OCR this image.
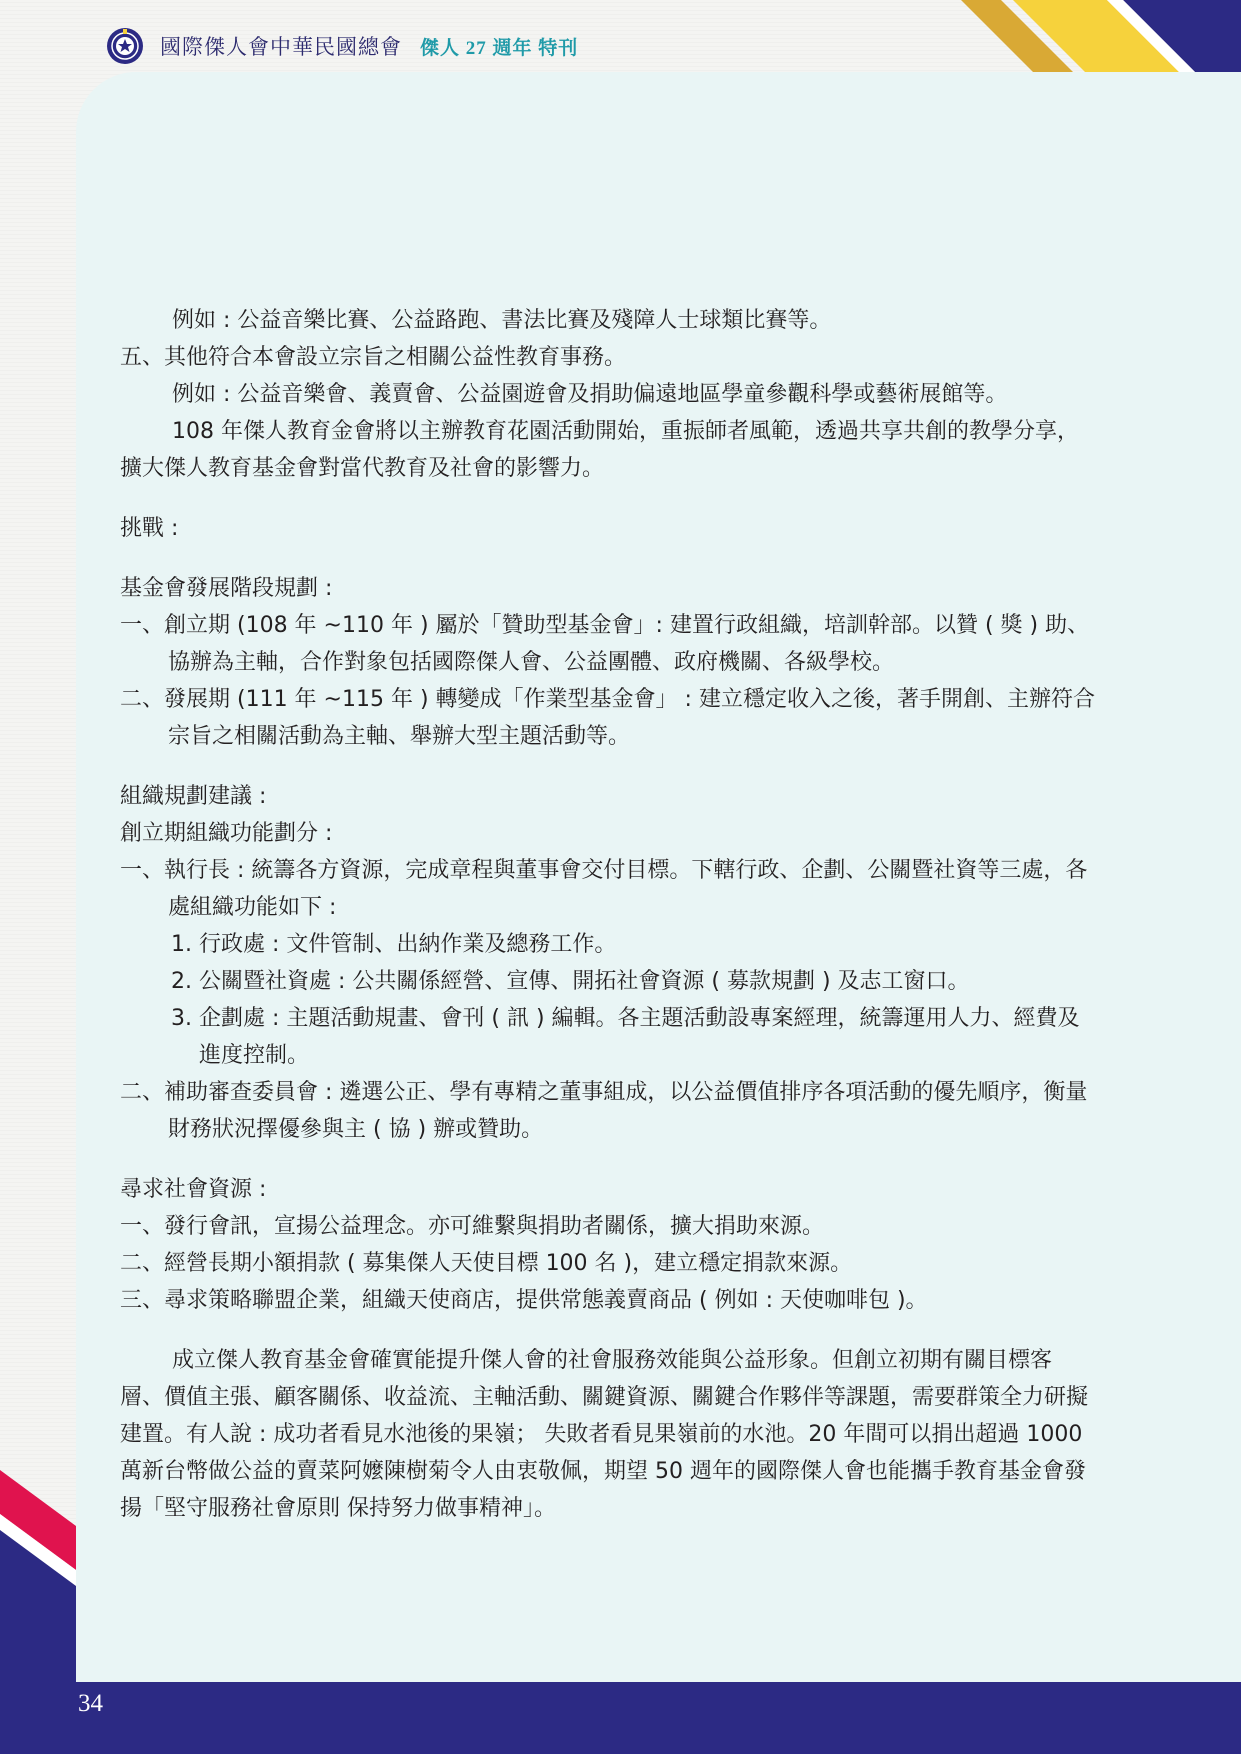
國際傑人會中華民國總會 傑人 27 週年 特刊
34

例如 : 公益音樂比賽、公益路跑、書法比賽及殘障人士球類比賽等。

五、其他符合本會設立宗旨之相關公益性教育事務。

例如 : 公益音樂會、義賣會、公益園遊會及捐助偏遠地區學童參觀科學或藝術展館等。

108 年傑人教育金會將以主辦教育花園活動開始，重振師者風範，透過共享共創的教學分享，擴大傑人教育基金會對當代教育及社會的影響力。

挑戰 :

基金會發展階段規劃 :

一、創立期 (108 年 ~110 年 ) 屬於「贊助型基金會」: 建置行政組織，培訓幹部。以贊 ( 獎 ) 助、協辦為主軸，合作對象包括國際傑人會、公益團體、政府機關、各級學校。

二、發展期 (111 年 ~115 年 ) 轉變成「作業型基金會」 : 建立穩定收入之後，著手開創、主辦符合宗旨之相關活動為主軸、舉辦大型主題活動等。

組織規劃建議 :

創立期組織功能劃分 :

一、執行長 : 統籌各方資源，完成章程與董事會交付目標。下轄行政、企劃、公關暨社資等三處，各處組織功能如下 :

1. 行政處 : 文件管制、出納作業及總務工作。

2. 公關暨社資處 : 公共關係經營、宣傳、開拓社會資源 ( 募款規劃 ) 及志工窗口。

3. 企劃處 : 主題活動規畫、會刊 ( 訊 ) 編輯。各主題活動設專案經理，統籌運用人力、經費及進度控制。

二、補助審查委員會 : 遴選公正、學有專精之董事組成，以公益價值排序各項活動的優先順序，衡量財務狀況擇優參與主 ( 協 ) 辦或贊助。

尋求社會資源 :

一、發行會訊，宣揚公益理念。亦可維繫與捐助者關係，擴大捐助來源。

二、經營長期小額捐款 ( 募集傑人天使目標 100 名 )，建立穩定捐款來源。

三、尋求策略聯盟企業，組織天使商店，提供常態義賣商品 ( 例如 : 天使咖啡包 )。

成立傑人教育基金會確實能提升傑人會的社會服務效能與公益形象。但創立初期有關目標客層、價值主張、顧客關係、收益流、主軸活動、關鍵資源、關鍵合作夥伴等課題，需要群策全力研擬建置。有人說 : 成功者看見水池後的果嶺； 失敗者看見果嶺前的水池。20 年間可以捐出超過 1000 萬新台幣做公益的賣菜阿嬤陳樹菊令人由衷敬佩，期望 50 週年的國際傑人會也能攜手教育基金會發揚「堅守服務社會原則 保持努力做事精神」。
